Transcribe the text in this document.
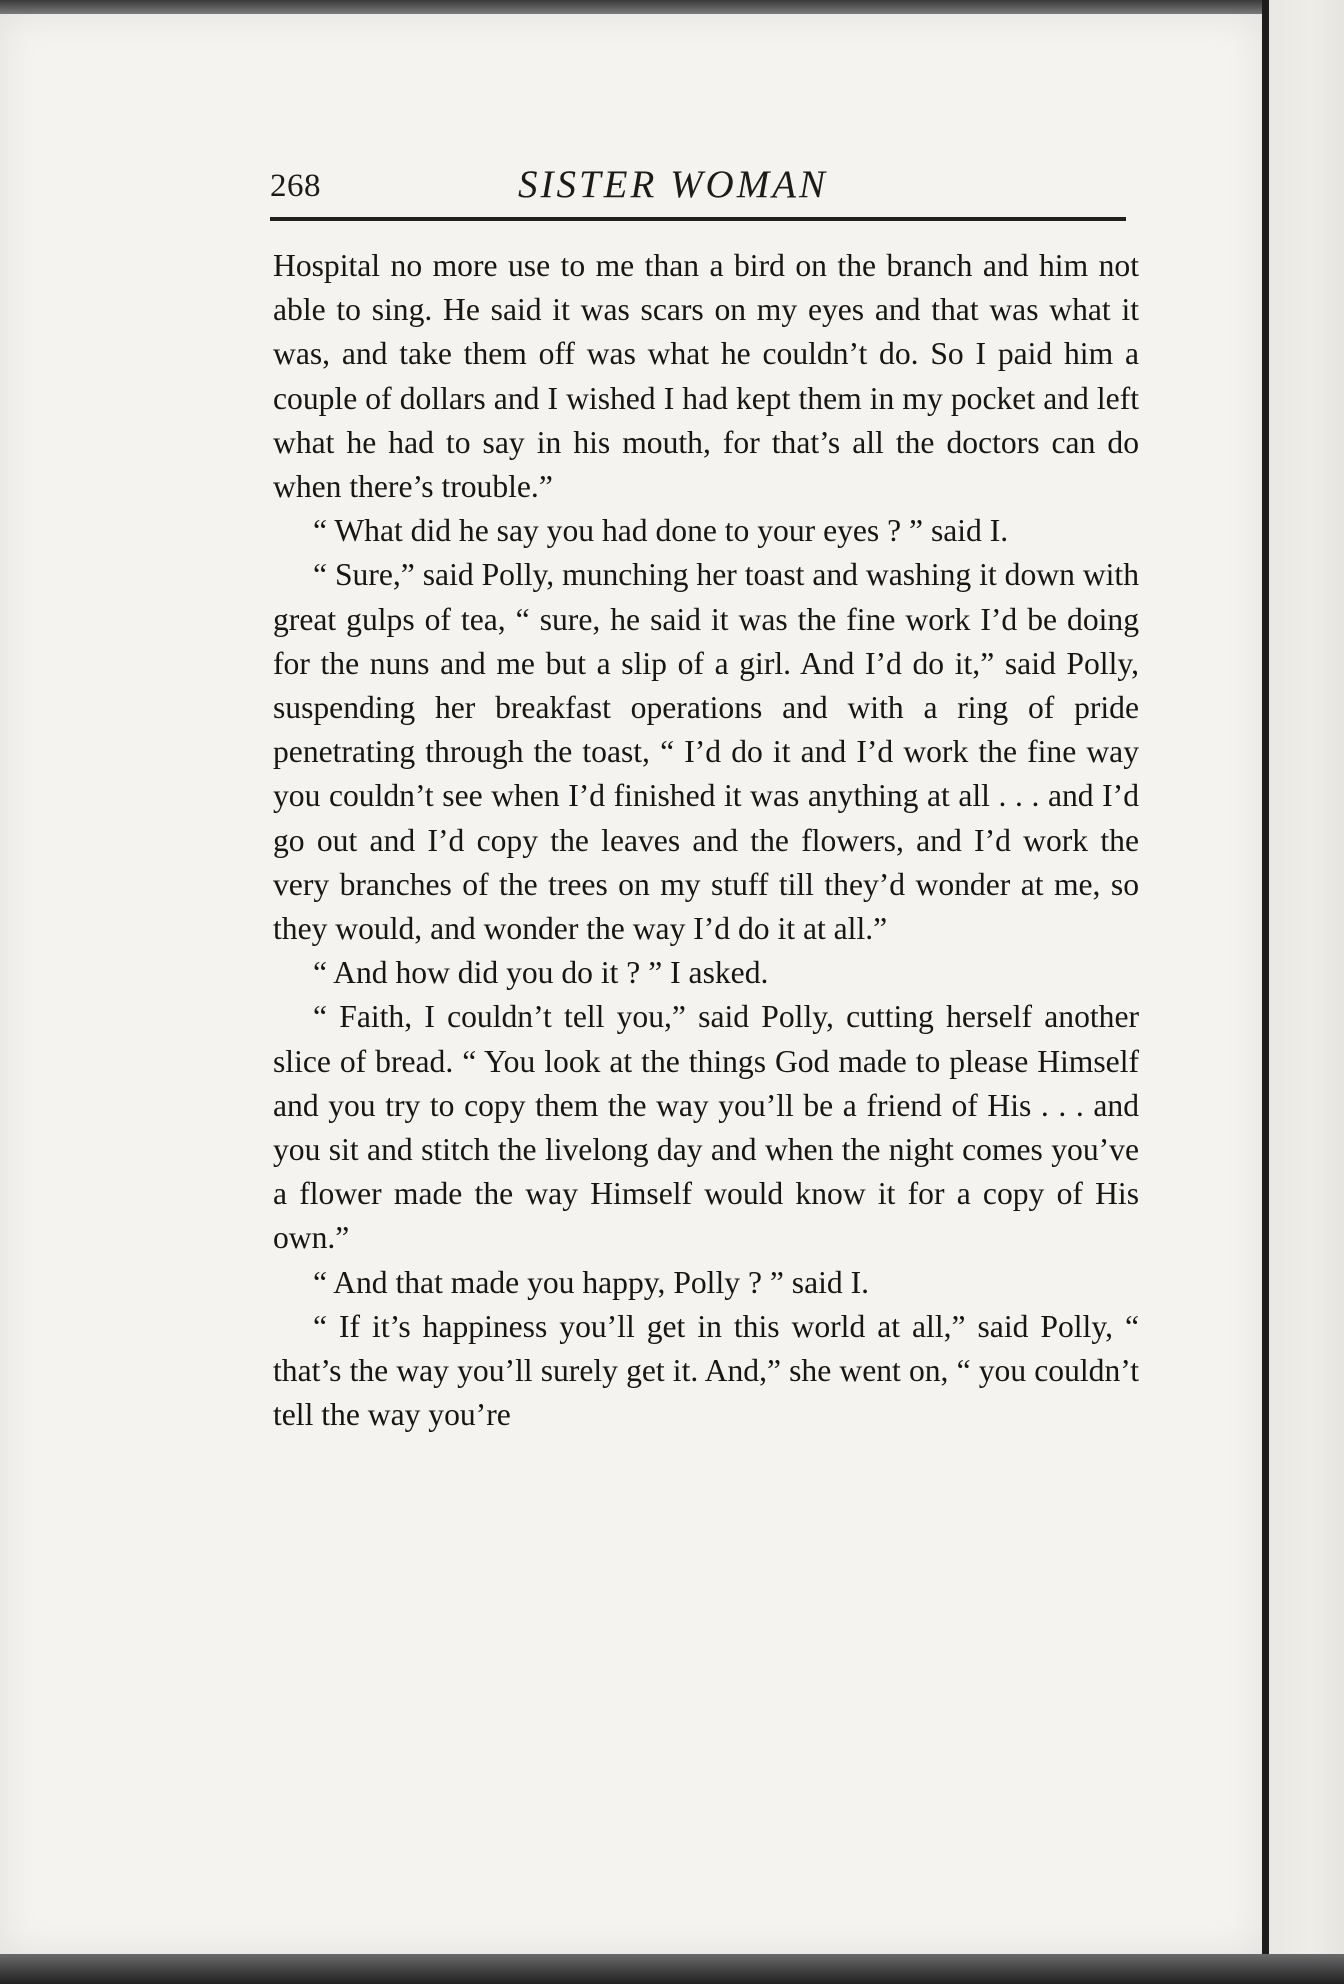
268	SISTER WOMAN

Hospital no more use to me than a bird on the branch and him not able to sing. He said it was scars on my eyes and that was what it was, and take them off was what he couldn’t do. So I paid him a couple of dollars and I wished I had kept them in my pocket and left what he had to say in his mouth, for that’s all the doctors can do when there’s trouble.”

“ What did he say you had done to your eyes ? ” said I.

“ Sure,” said Polly, munching her toast and washing it down with great gulps of tea, “ sure, he said it was the fine work I’d be doing for the nuns and me but a slip of a girl. And I’d do it,” said Polly, suspending her breakfast operations and with a ring of pride penetrating through the toast, “ I’d do it and I’d work the fine way you couldn’t see when I’d finished it was anything at all . . . and I’d go out and I’d copy the leaves and the flowers, and I’d work the very branches of the trees on my stuff till they’d wonder at me, so they would, and wonder the way I’d do it at all.”

“ And how did you do it ? ” I asked.

“ Faith, I couldn’t tell you,” said Polly, cutting herself another slice of bread. “ You look at the things God made to please Himself and you try to copy them the way you’ll be a friend of His . . . and you sit and stitch the livelong day and when the night comes you’ve a flower made the way Himself would know it for a copy of His own.”

“ And that made you happy, Polly ? ” said I.

“ If it’s happiness you’ll get in this world at all,” said Polly, “ that’s the way you’ll surely get it. And,” she went on, “ you couldn’t tell the way you’re
